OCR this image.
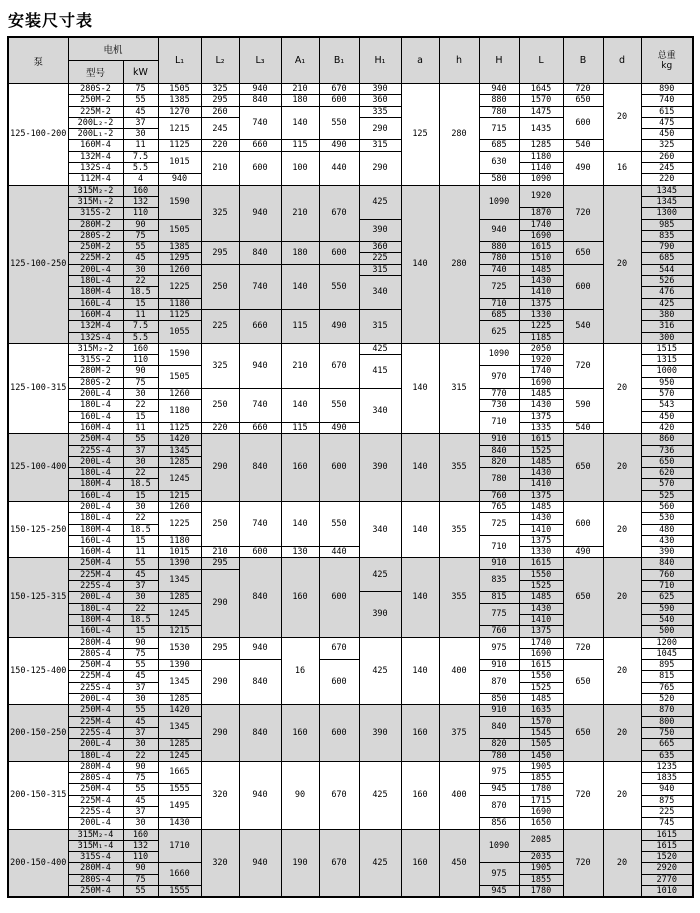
安装尺寸表
泵	电机		L₁	L₂	L₃	A₁	B₁	H₁	a	h	H	L	B	d	总重
kg

	型号	kW													
125-100-200	280S-2	75	1505	325	940	210	670	390	125	280	940	1645	720	20	890
	250M-2	55	1385	295	840	180	600	360			880	1570	650		740
	225M-2	45	1270	260	740	140	550	335			780	1475	600		615
	200L₂-2	37	1215	245				290			715	1435			475
	200L₁-2	30													450
	160M-4	11	1125	220	660	115	490	315			685	1285	540		325
	132M-4	7.5	1015	210	600	100	440	290			630	1180	490	16	260
	132S-4	5.5										1140			245
	112M-4	4	940								580	1090			220
125-100-250	315M₂-2	160	1590	325	940	210	670	425	140	280	1090	1920	720	20	1345
	315M₁-2	132													1345
	315S-2	110										1870			1300
	280M-2	90	1505					390			940	1740			985
	280S-2	75										1690			835
	250M-2	55	1385	295	840	180	600	360			880	1615	650		790
	225M-2	45	1295					225			780	1510			685
	200L-4	30	1260	250	740	140	550	315			740	1485	600		544
	180L-4	22	1225					340			725	1430			526
	180M-4	18.5										1410			476
	160L-4	15	1180								710	1375			425
	160M-4	11	1125	225	660	115	490	315			685	1330	540		380
	132M-4	7.5	1055								625	1225			316
	132S-4	5.5										1185			300
125-100-315	315M₂-2	160	1590	325	940	210	670	425	140	315	1090	2050	720	20	1515
	315S-2	110						415				1920			1315
	280M-2	90	1505								970	1740			1000
	280S-2	75										1690			950
	200L-4	30	1260	250	740	140	550	340			770	1485	590		570
	180L-4	22	1180								730	1430			543
	160L-4	15									710	1375			450
	160M-4	11	1125	220	660	115	490					1335	540		420
125-100-400	250M-4	55	1420	290	840	160	600	390	140	355	910	1615	650	20	860
	225S-4	37	1345								840	1525			736
	200L-4	30	1285								820	1485			650
	180L-4	22	1245								780	1430			620
	180M-4	18.5										1410			570
	160L-4	15	1215								760	1375			525
150-125-250	200L-4	30	1260	250	740	140	550	340	140	355	765	1485	600	20	560
	180L-4	22	1225								725	1430			530
	180M-4	18.5										1410			480
	160L-4	15	1180								710	1375			430
	160M-4	11	1015	210	600	130	440					1330	490		390
150-125-315	250M-4	55	1390	295	840	160	600	425	140	355	910	1615	650	20	840
	225M-4	45	1345	290							835	1550			760
	225S-4	37										1525			710
	200L-4	30	1285					390			815	1485			625
	180L-4	22	1245								775	1430			590
	180M-4	18.5										1410			540
	160L-4	15	1215								760	1375			500
150-125-400	280M-4	90	1530	295	940	16	670	425	140	400	975	1740	720	20	1200
	280S-4	75										1690			1045
	250M-4	55	1390	290	840		600				910	1615	650		895
	225M-4	45	1345								870	1550			815
	225S-4	37										1525			765
	200L-4	30	1285								850	1485			520
200-150-250	250M-4	55	1420	290	840	160	600	390	160	375	910	1635	650	20	870
	225M-4	45	1345								840	1570			800
	225S-4	37										1545			750
	200L-4	30	1285								820	1505			665
	180L-4	22	1245								780	1450			635
200-150-315	280M-4	90	1665	320	940	90	670	425	160	400	975	1905	720	20	1235
	280S-4	75										1855			1835
	250M-4	55	1555								945	1780			940
	225M-4	45	1495								870	1715			875
	225S-4	37										1690			225
	200L-4	30	1430								856	1650			745
200-150-400	315M₂-4	160	1710	320	940	190	670	425	160	450	1090	2085	720	20	1615
	315M₁-4	132													1615
	315S-4	110										2035			1520
	280M-4	90	1660								975	1905			2920
	280S-4	75										1855			2770
	250M-4	55	1555								945	1780			1010
